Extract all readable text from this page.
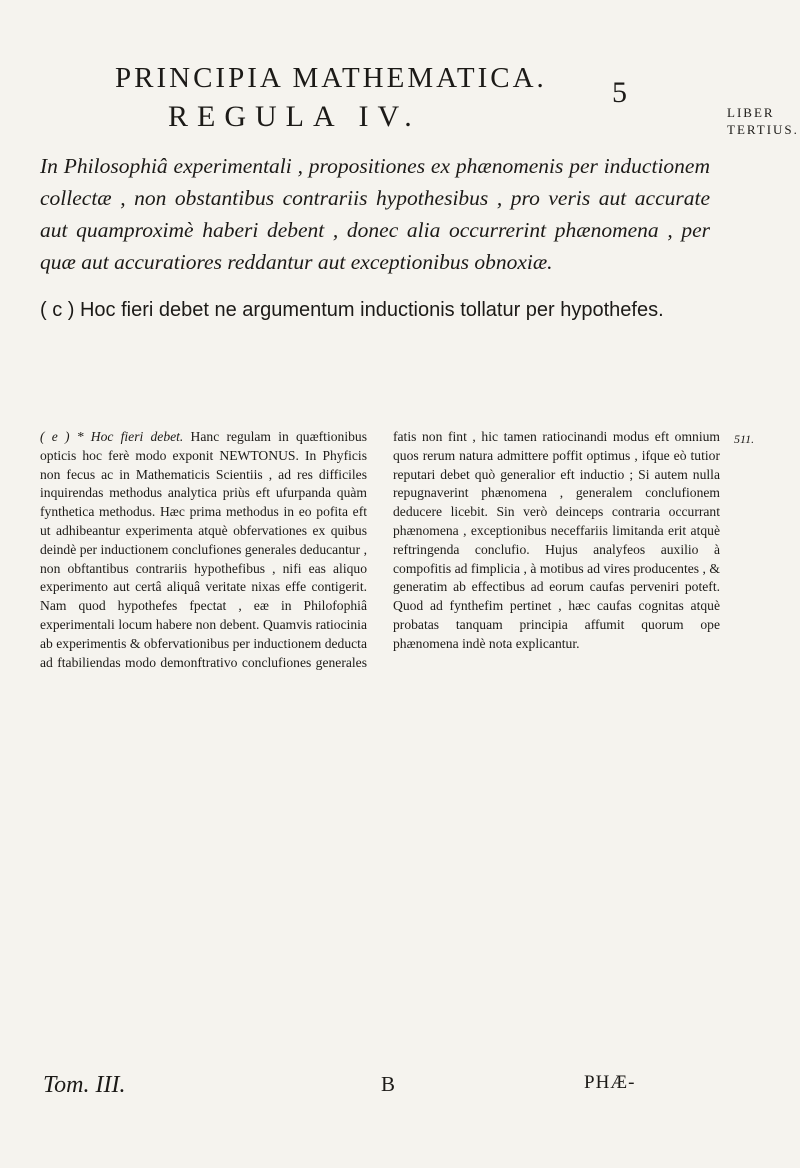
PRINCIPIA MATHEMATICA.	5
LIBER
TERTIUS.
REGULA IV.

In Philosophiâ experimentali , propositiones ex phænomenis per inductionem collectæ , non obstantibus contrariis hypothesibus , pro veris aut accurate aut quamproximè haberi debent , donec alia occurrerint phænomena , per quæ aut accuratiores reddantur aut exceptionibus obnoxiæ.

( c ) Hoc fieri debet ne argumentum inductionis tollatur per hypothefes.

( e ) * Hoc fieri debet. Hanc regulam in quæftionibus opticis hoc ferè modo exponit NEWTONUS. In Phyficis non fecus ac in Mathematicis Scientiis , ad res difficiles inquirendas methodus analytica priùs eft ufurpanda quàm fynthetica methodus. Hæc prima methodus in eo pofita eft ut adhibeantur experimenta atquè obfervationes ex quibus deindè per inductionem conclufiones generales deducantur , non obftantibus contrariis hypothefibus , nifi eas aliquo experimento aut certâ aliquâ veritate nixas effe contigerit. Nam quod hypothefes fpectat , eæ in Philofophiâ experimentali locum habere non debent. Quamvis ratiocinia ab experimentis & obfervationibus per inductionem deducta ad ftabiliendas modo demonftrativo conclufiones generales fatis non fint , hic tamen ratiocinandi modus eft omnium quos rerum natura admittere poffit optimus , ifque eò tutior reputari debet quò generalior eft inductio ; Si autem nulla repugnaverint phænomena , generalem conclufionem deducere licebit. Sin verò deinceps contraria occurrant phænomena , exceptionibus neceffariis limitanda erit atquè reftringenda conclufio. Hujus analyfeos auxilio à compofitis ad fimplicia , à motibus ad vires producentes , & generatim ab effectibus ad eorum caufas perveniri poteft. Quod ad fynthefim pertinet , hæc caufas cognitas atquè probatas tanquam principia affumit quorum ope phænomena indè nota explicantur.
511.
Tom. III.	B	PHÆ-
